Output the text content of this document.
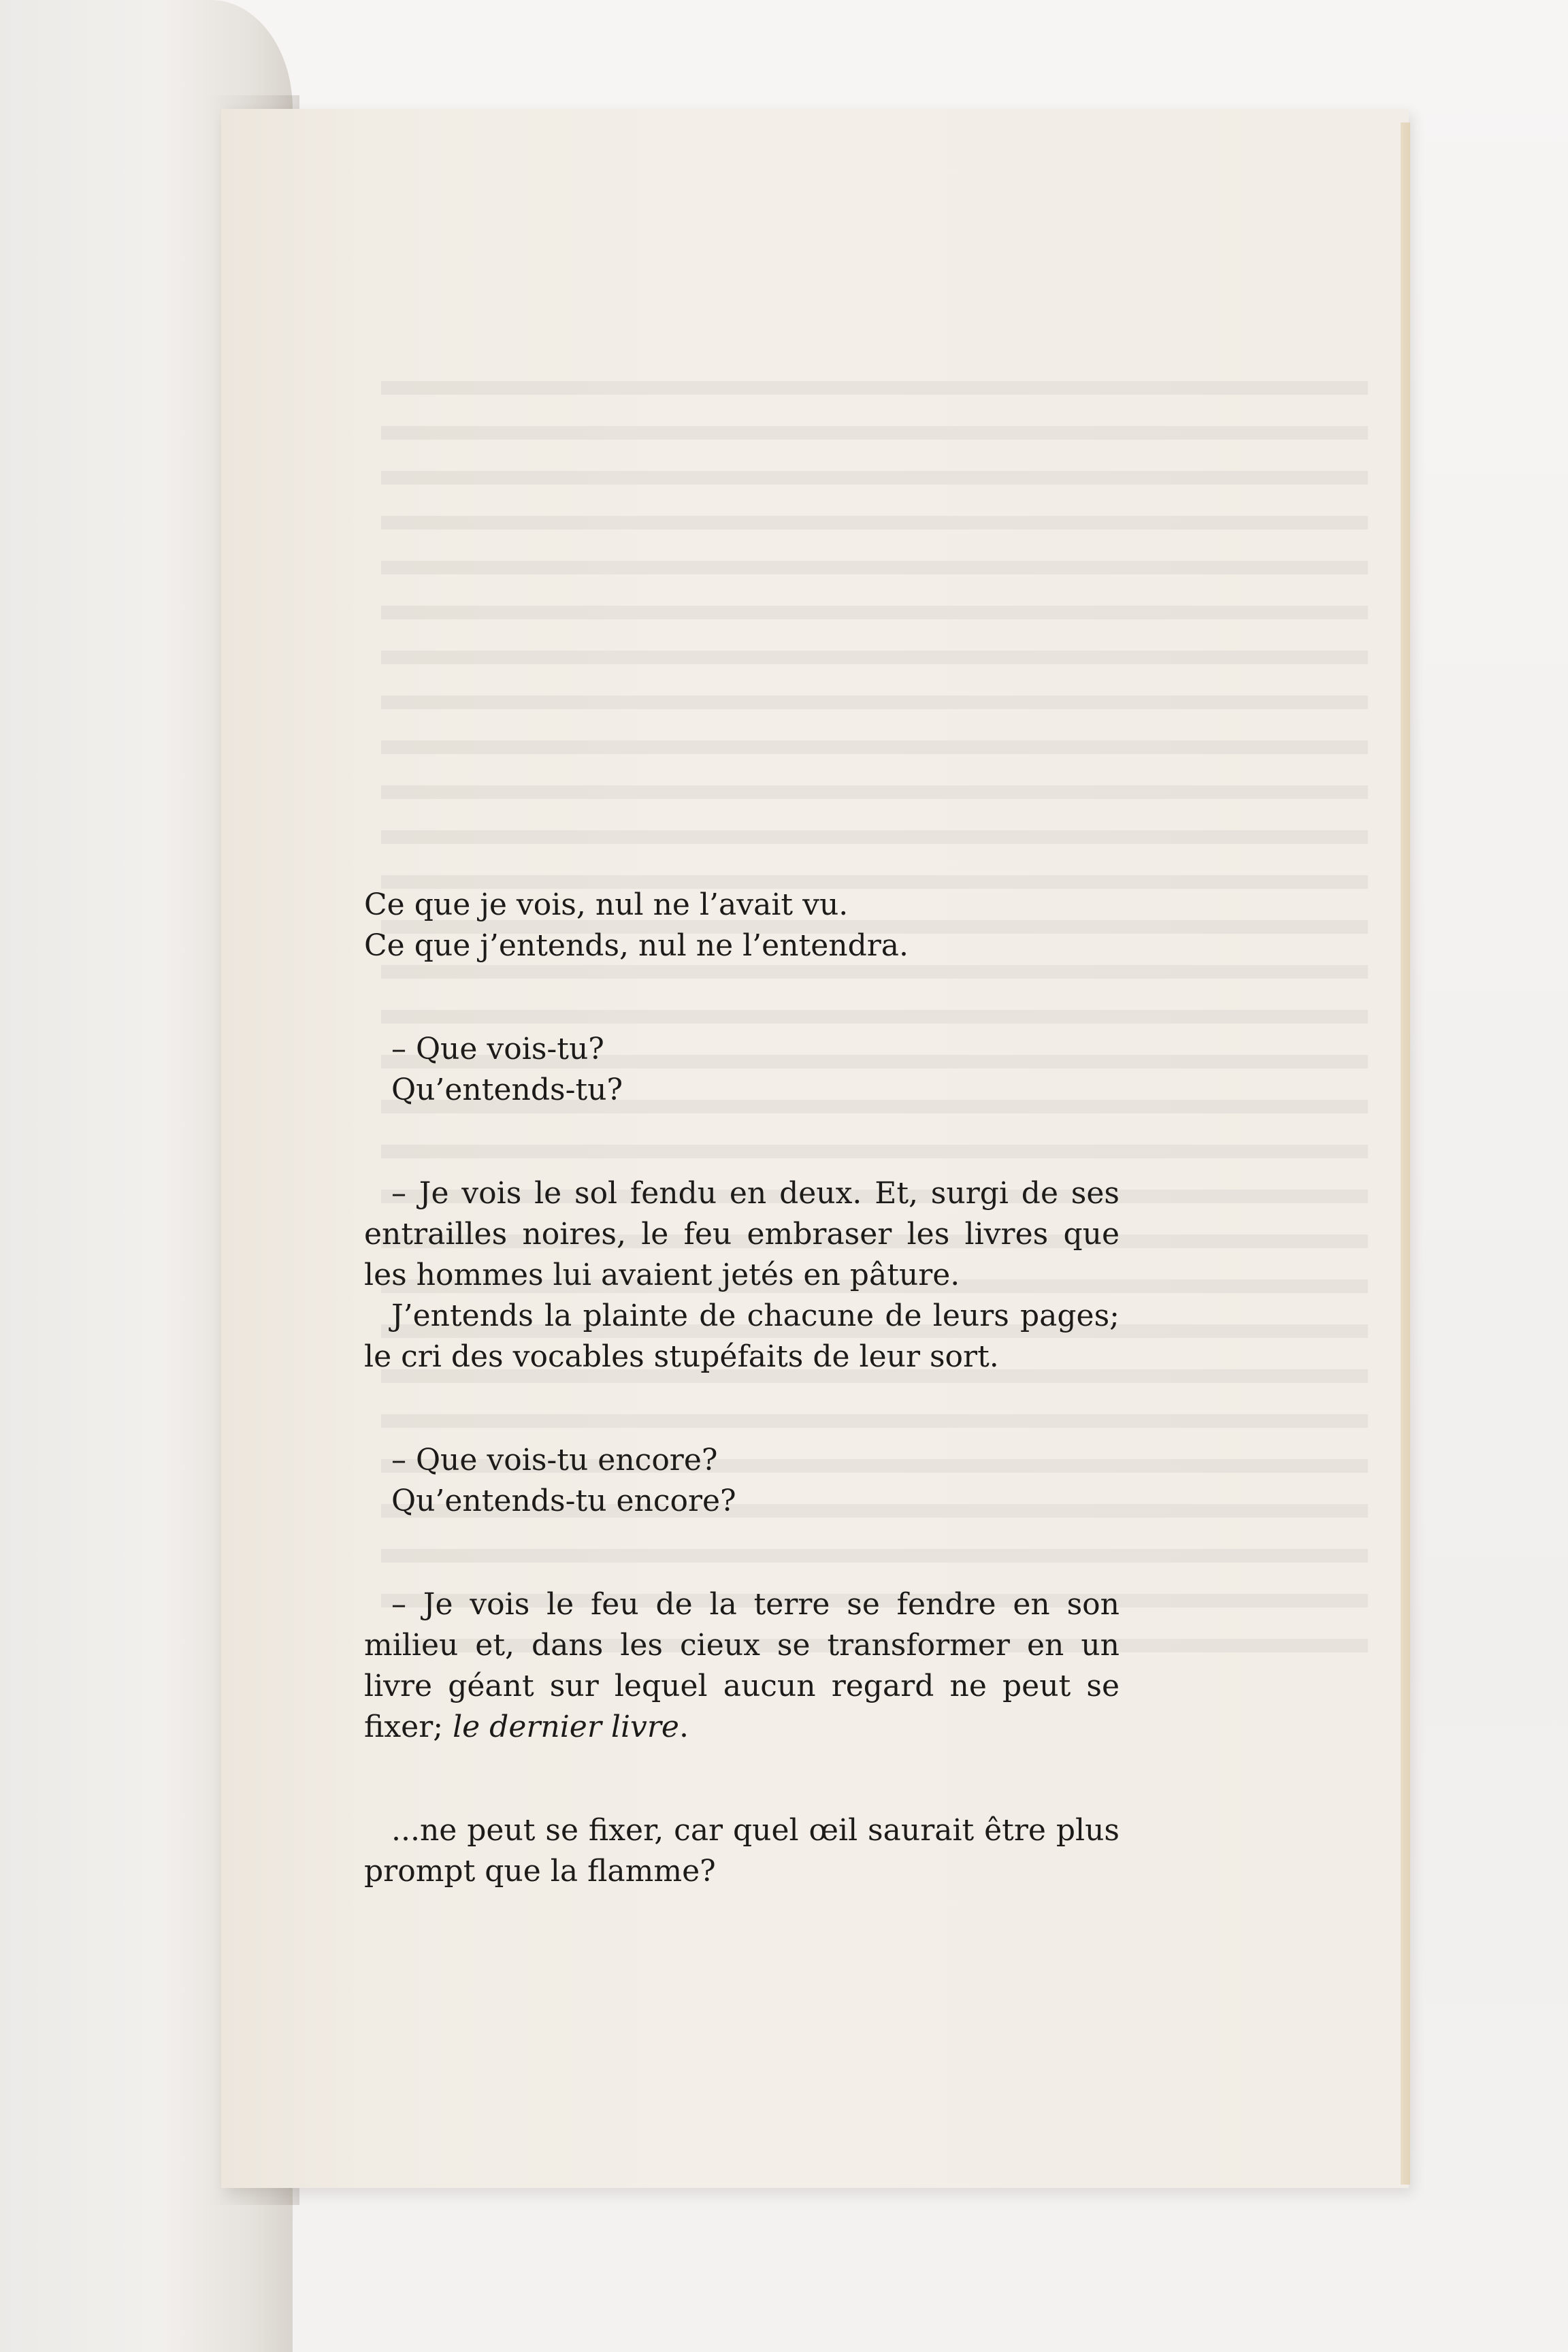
Ce que je vois, nul ne l’avait vu.

Ce que j’entends, nul ne l’entendra.

– Que vois-tu?

Qu’entends-tu?

– Je vois le sol fendu en deux. Et, surgi de ses entrailles noires, le feu embraser les livres que les hommes lui avaient jetés en pâture.

J’entends la plainte de chacune de leurs pages; le cri des vocables stupéfaits de leur sort.

– Que vois-tu encore?

Qu’entends-tu encore?

– Je vois le feu de la terre se fendre en son milieu et, dans les cieux se transformer en un livre géant sur lequel aucun regard ne peut se fixer; le dernier livre.

...ne peut se fixer, car quel œil saurait être plus prompt que la flamme?
